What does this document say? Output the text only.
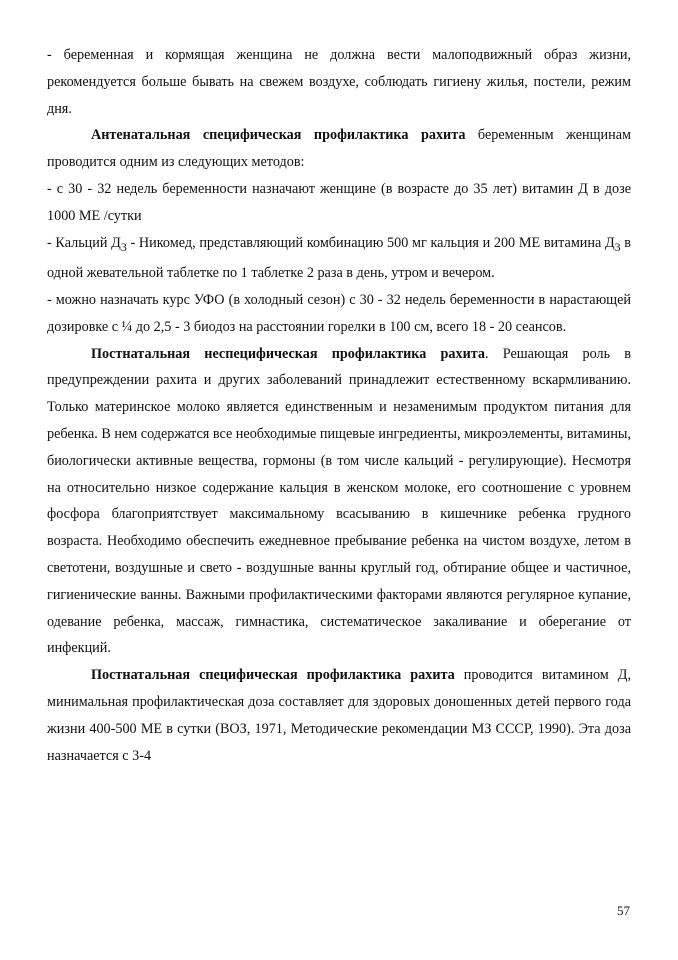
- беременная и кормящая женщина не должна вести малоподвижный образ жизни, рекомендуется больше бывать на свежем воздухе, соблюдать гигиену жилья, постели, режим дня.

Антенатальная специфическая профилактика рахита беременным женщинам проводится одним из следующих методов:

- с 30 - 32 недель беременности назначают женщине (в возрасте до 35 лет) витамин Д в дозе 1000 МЕ /сутки

- Кальций $Д_3$ - Никомед, представляющий комбинацию 500 мг кальция и 200 МЕ витамина $Д_3$ в одной жевательной таблетке по 1 таблетке 2 раза в день, утром и вечером.

- можно назначать курс УФО (в холодный сезон) с 30 - 32 недель беременности в нарастающей дозировке с ¼ до 2,5 - 3 биодоз на расстоянии горелки в 100 см, всего 18 - 20 сеансов.

Постнатальная неспецифическая профилактика рахита. Решающая роль в предупреждении рахита и других заболеваний принадлежит естественному вскармливанию. Только материнское молоко является единственным и незаменимым продуктом питания для ребенка. В нем содержатся все необходимые пищевые ингредиенты, микроэлементы, витамины, биологически активные вещества, гормоны (в том числе кальций - регулирующие). Несмотря на относительно низкое содержание кальция в женском молоке, его соотношение с уровнем фосфора благоприятствует максимальному всасыванию в кишечнике ребенка грудного возраста. Необходимо обеспечить ежедневное пребывание ребенка на чистом воздухе, летом в светотени, воздушные и свето - воздушные ванны круглый год, обтирание общее и частичное, гигиенические ванны. Важными профилактическими факторами являются регулярное купание, одевание ребенка, массаж, гимнастика, систематическое закаливание и оберегание от инфекций.

Постнатальная специфическая профилактика рахита проводится витамином Д, минимальная профилактическая доза составляет для здоровых доношенных детей первого года жизни 400-500 МЕ в сутки (ВОЗ, 1971, Методические рекомендации МЗ СССР, 1990). Эта доза назначается с 3-4

57
